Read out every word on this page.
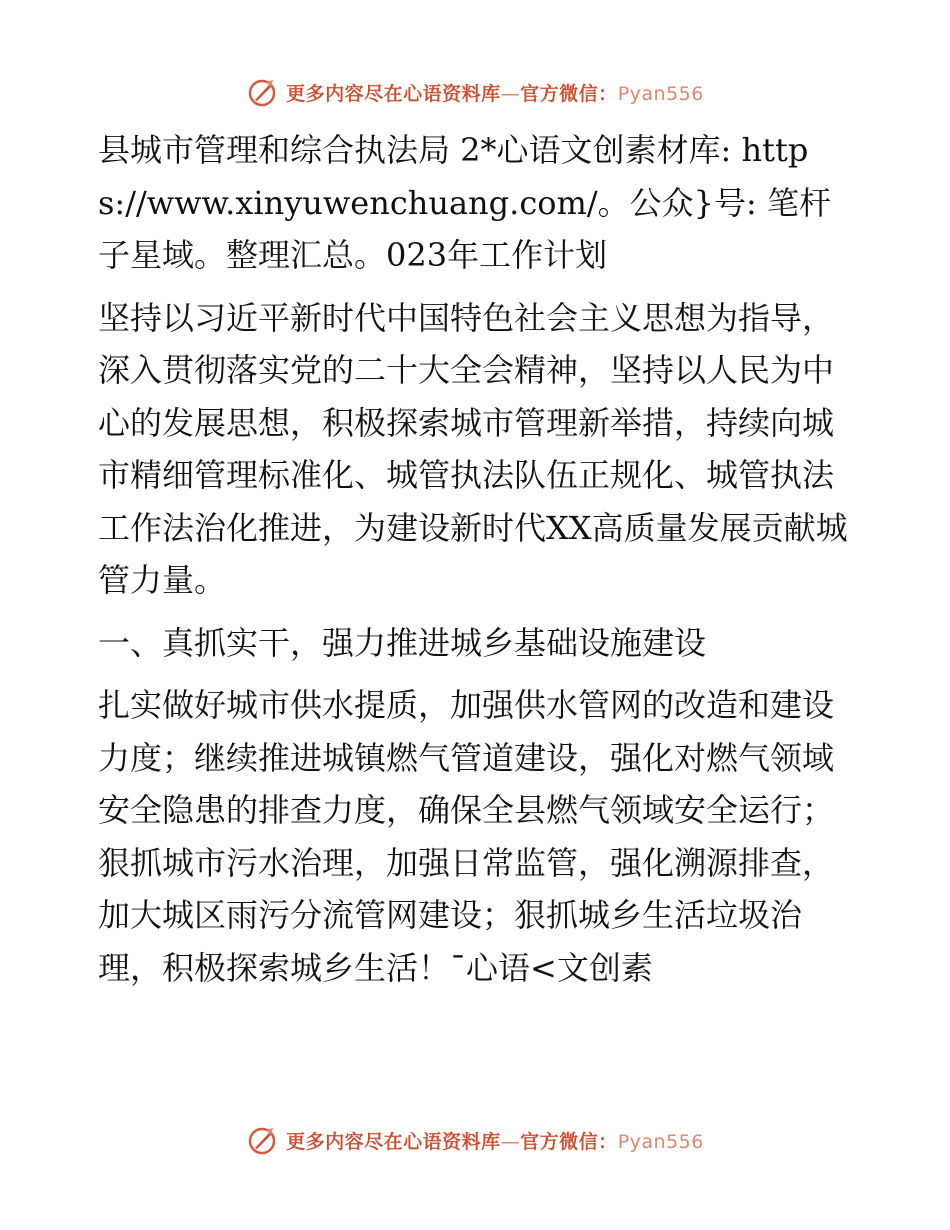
更多内容尽在心语资料库—官方微信：Pyan556

县城市管理和综合执法局 2*心语文创素材库: https://www.xinyuwenchuang.com/。公众}号: 笔杆子星域。整理汇总。023年工作计划

坚持以习近平新时代中国特色社会主义思想为指导，深入贯彻落实党的二十大全会精神，坚持以人民为中心的发展思想，积极探索城市管理新举措，持续向城市精细管理标准化、城管执法队伍正规化、城管执法工作法治化推进，为建设新时代XX高质量发展贡献城管力量。

一、真抓实干，强力推进城乡基础设施建设

扎实做好城市供水提质，加强供水管网的改造和建设力度；继续推进城镇燃气管道建设，强化对燃气领域安全隐患的排查力度，确保全县燃气领域安全运行；狠抓城市污水治理，加强日常监管，强化溯源排查，加大城区雨污分流管网建设；狠抓城乡生活垃圾治理，积极探索城乡生活！¯心语<文创素

更多内容尽在心语资料库—官方微信：Pyan556
